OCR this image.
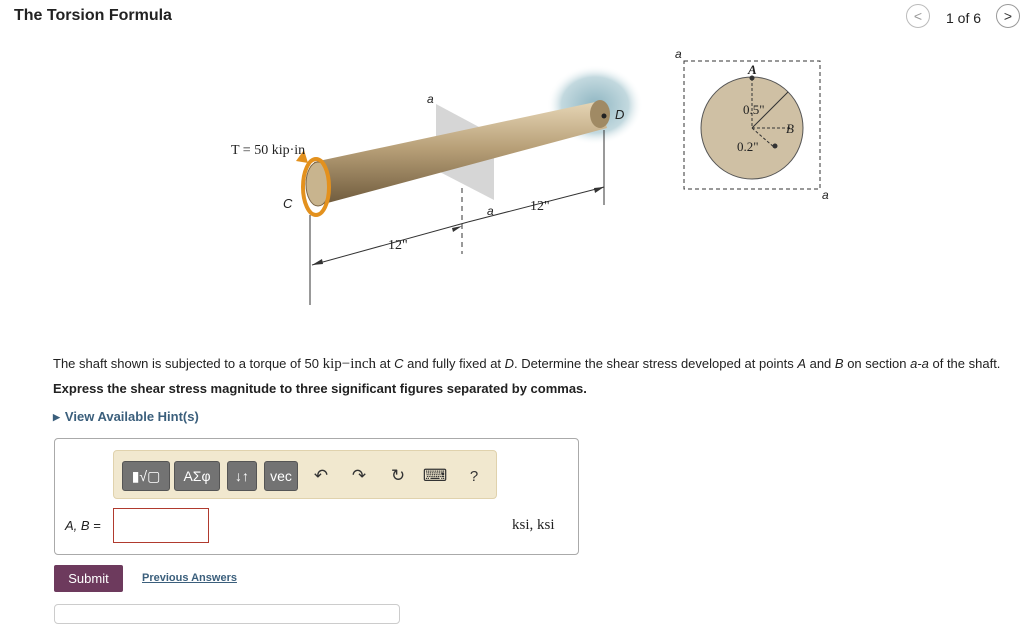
The Torsion Formula	< 1 of 6 >
T = 50 kip·in
C
D
a
a
a
a
12"
12"
A
B
0.5"
0.2"
The shaft shown is subjected to a torque of 50 kip−inch at C and fully fixed at D. Determine the shear stress developed at points A and B on section a-a of the shaft.
Express the shear stress magnitude to three significant figures separated by commas.
▶ View Available Hint(s)
▮√▢	ΑΣφ	↓↑	vec	↶ ↷ ↻ ⌨	?
A, B =	ksi, ksi
Submit	Previous Answers
